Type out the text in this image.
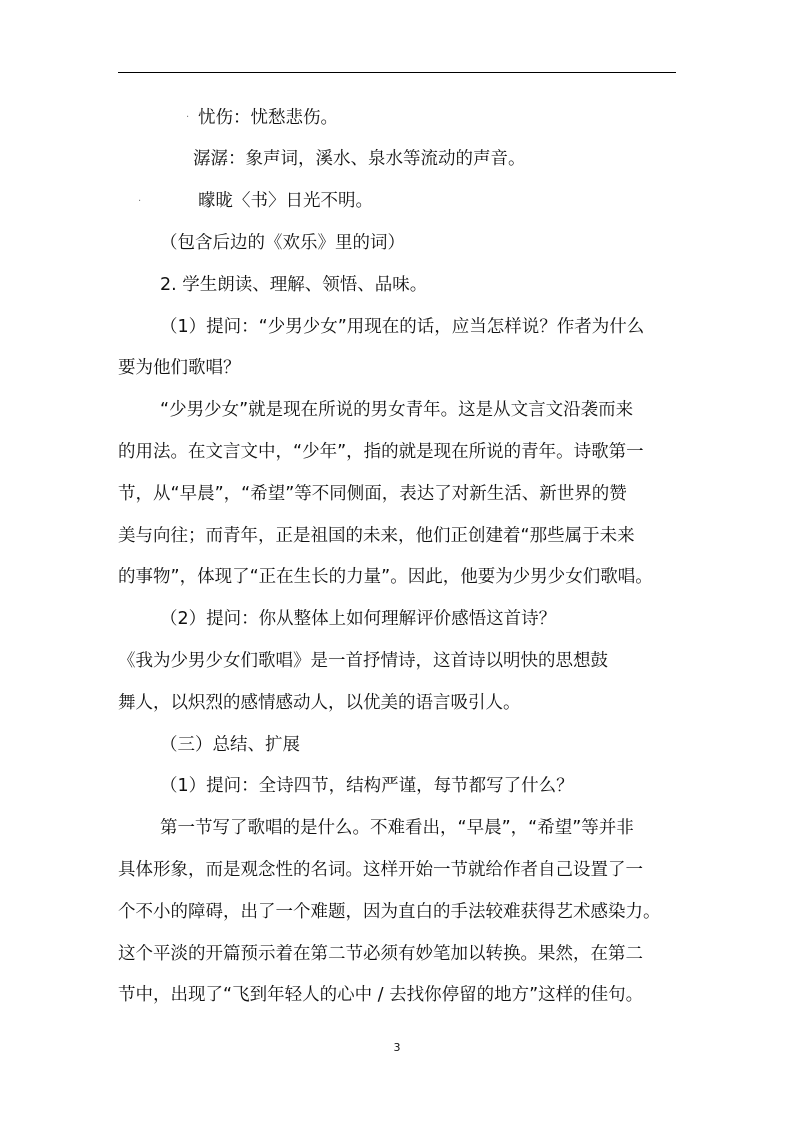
忧伤：忧愁悲伤。
潺潺：象声词，溪水、泉水等流动的声音。
曚昽〈书〉日光不明。
（包含后边的《欢乐》里的词）
2. 学生朗读、理解、领悟、品味。
（1）提问：“少男少女”用现在的话，应当怎样说？作者为什么
要为他们歌唱？
“少男少女”就是现在所说的男女青年。这是从文言文沿袭而来
的用法。在文言文中，“少年”，指的就是现在所说的青年。诗歌第一
节，从“早晨”，“希望”等不同侧面，表达了对新生活、新世界的赞
美与向往；而青年，正是祖国的未来，他们正创建着“那些属于未来
的事物”，体现了“正在生长的力量”。因此，他要为少男少女们歌唱。
（2）提问：你从整体上如何理解评价感悟这首诗？
《我为少男少女们歌唱》是一首抒情诗，这首诗以明快的思想鼓
舞人，以炽烈的感情感动人，以优美的语言吸引人。
（三）总结、扩展
（1）提问：全诗四节，结构严谨，每节都写了什么？
第一节写了歌唱的是什么。不难看出，“早晨”，“希望”等并非
具体形象，而是观念性的名词。这样开始一节就给作者自己设置了一
个不小的障碍，出了一个难题，因为直白的手法较难获得艺术感染力。
这个平淡的开篇预示着在第二节必须有妙笔加以转换。果然，在第二
节中，出现了“飞到年轻人的心中 / 去找你停留的地方”这样的佳句。
·
·
3
